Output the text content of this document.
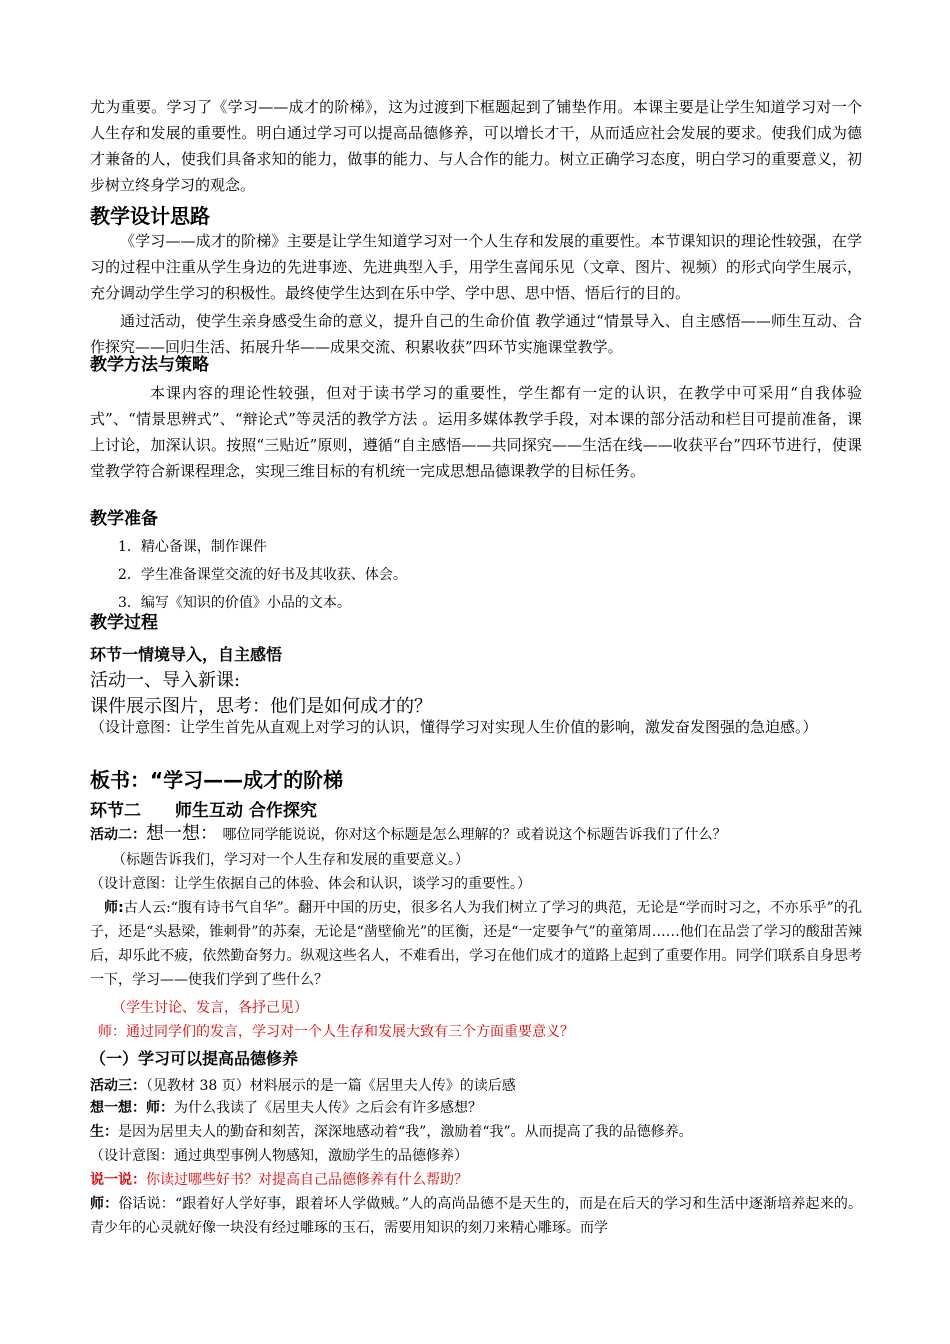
尤为重要。学习了《学习——成才的阶梯》，这为过渡到下框题起到了铺垫作用。本课主要是让学生知道学习对一个人生存和发展的重要性。明白通过学习可以提高品德修养，可以增长才干，从而适应社会发展的要求。使我们成为德才兼备的人，使我们具备求知的能力，做事的能力、与人合作的能力。树立正确学习态度，明白学习的重要意义，初步树立终身学习的观念。
教学设计思路
《学习——成才的阶梯》主要是让学生知道学习对一个人生存和发展的重要性。本节课知识的理论性较强，在学习的过程中注重从学生身边的先进事迹、先进典型入手，用学生喜闻乐见（文章、图片、视频）的形式向学生展示，充分调动学生学习的积极性。最终使学生达到在乐中学、学中思、思中悟、悟后行的目的。
通过活动，使学生亲身感受生命的意义，提升自己的生命价值 教学通过“情景导入、自主感悟——师生互动、合作探究——回归生活、拓展升华——成果交流、积累收获”四环节实施课堂教学。
教学方法与策略
本课内容的理论性较强，但对于读书学习的重要性，学生都有一定的认识，在教学中可采用“自我体验式”、“情景思辨式”、“辩论式”等灵活的教学方法 。运用多媒体教学手段，对本课的部分活动和栏目可提前准备，课上讨论，加深认识。按照“三贴近”原则，遵循“自主感悟——共同探究——生活在线——收获平台”四环节进行，使课堂教学符合新课程理念，实现三维目标的有机统一完成思想品德课教学的目标任务。
教学准备
1．精心备课，制作课件
2．学生准备课堂交流的好书及其收获、体会。
3．编写《知识的价值》小品的文本。
教学过程
环节一情境导入，自主感悟
活动一、导入新课:
课件展示图片，思考：他们是如何成才的？
（设计意图：让学生首先从直观上对学习的认识，懂得学习对实现人生价值的影响，激发奋发图强的急迫感。）
板书：“学习——成才的阶梯
环节二　　师生互动 合作探究
活动二：想一想： 哪位同学能说说，你对这个标题是怎么理解的？或着说这个标题告诉我们了什么？
（标题告诉我们，学习对一个人生存和发展的重要意义。）
（设计意图：让学生依据自己的体验、体会和认识，谈学习的重要性。）
师:古人云:“腹有诗书气自华”。翻开中国的历史，很多名人为我们树立了学习的典范，无论是“学而时习之，不亦乐乎”的孔子，还是“头悬梁，锥刺骨”的苏秦，无论是“凿壁偷光”的匡衡，还是“一定要争气”的童第周……他们在品尝了学习的酸甜苦辣后，却乐此不疲，依然勤奋努力。纵观这些名人，不难看出，学习在他们成才的道路上起到了重要作用。同学们联系自身思考一下，学习——使我们学到了些什么？
（学生讨论、发言，各抒己见）
师：通过同学们的发言，学习对一个人生存和发展大致有三个方面重要意义？
（一）学习可以提高品德修养
活动三：（见教材 38 页）材料展示的是一篇《居里夫人传》的读后感
想一想：师：为什么我读了《居里夫人传》之后会有许多感想？
生：是因为居里夫人的勤奋和刻苦，深深地感动着“我”，激励着“我”。从而提高了我的品德修养。
（设计意图：通过典型事例人物感知，激励学生的品德修养）
说一说：你读过哪些好书？对提高自己品德修养有什么帮助？
师：俗话说：“跟着好人学好事，跟着坏人学做贼。”人的高尚品德不是天生的，而是在后天的学习和生活中逐渐培养起来的。青少年的心灵就好像一块没有经过雕琢的玉石，需要用知识的刻刀来精心雕琢。而学
